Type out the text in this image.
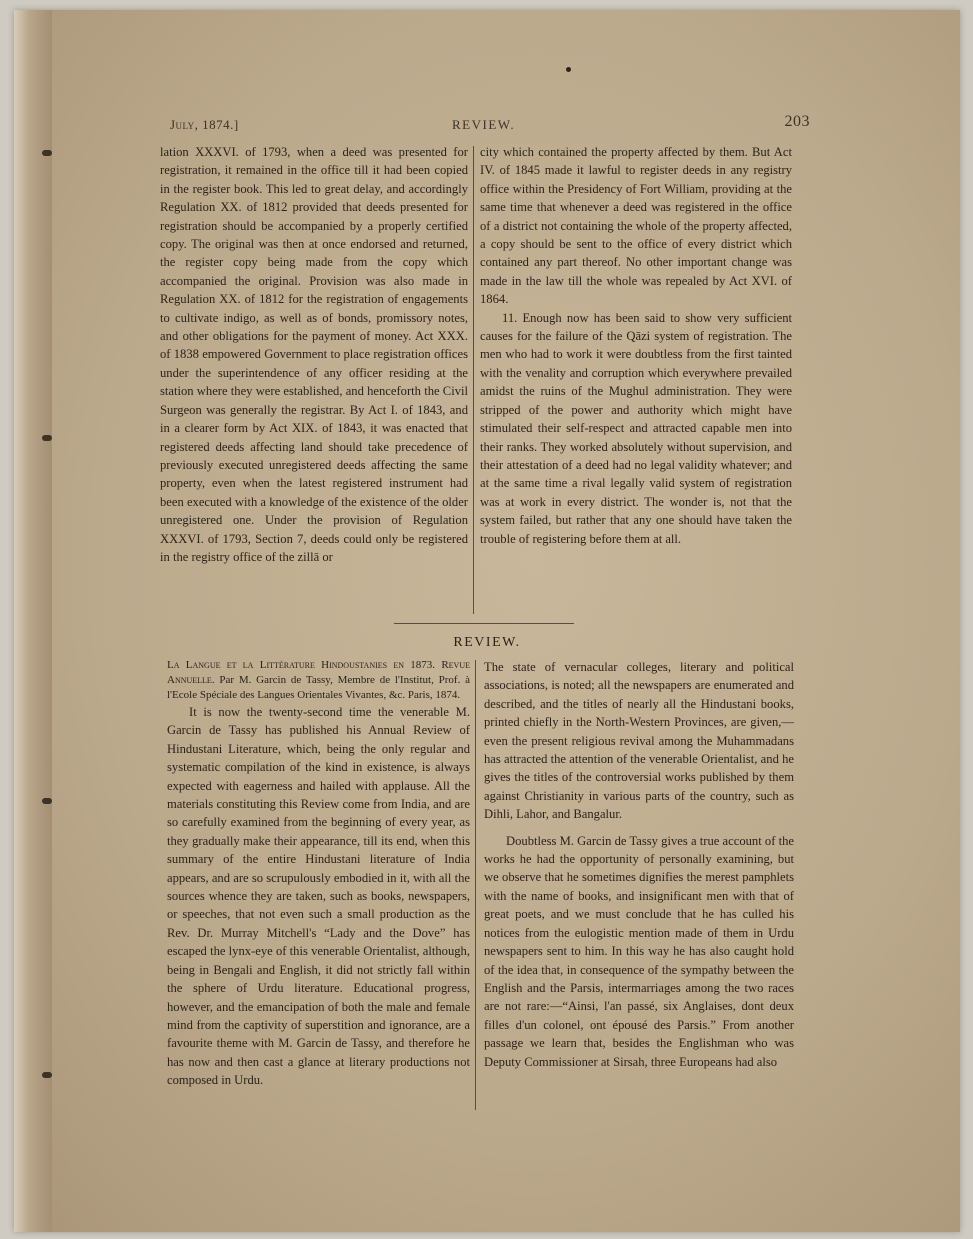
July, 1874.]	REVIEW.	203

lation XXXVI. of 1793, when a deed was presented for registration, it remained in the office till it had been copied in the register book. This led to great delay, and accordingly Regulation XX. of 1812 provided that deeds presented for registration should be accompanied by a properly certified copy. The original was then at once endorsed and returned, the register copy being made from the copy which accompanied the original. Provision was also made in Regulation XX. of 1812 for the registration of engagements to cultivate indigo, as well as of bonds, promissory notes, and other obligations for the payment of money. Act XXX. of 1838 empowered Government to place registration offices under the superintendence of any officer residing at the station where they were established, and henceforth the Civil Surgeon was generally the registrar. By Act I. of 1843, and in a clearer form by Act XIX. of 1843, it was enacted that registered deeds affecting land should take precedence of previously executed unregistered deeds affecting the same property, even when the latest registered instrument had been executed with a knowledge of the existence of the older unregistered one. Under the provision of Regulation XXXVI. of 1793, Section 7, deeds could only be registered in the registry office of the zillā or

city which contained the property affected by them. But Act IV. of 1845 made it lawful to register deeds in any registry office within the Presidency of Fort William, providing at the same time that whenever a deed was registered in the office of a district not containing the whole of the property affected, a copy should be sent to the office of every district which contained any part thereof. No other important change was made in the law till the whole was repealed by Act XVI. of 1864.

11. Enough now has been said to show very sufficient causes for the failure of the Qāzi system of registration. The men who had to work it were doubtless from the first tainted with the venality and corruption which everywhere prevailed amidst the ruins of the Mughul administration. They were stripped of the power and authority which might have stimulated their self-respect and attracted capable men into their ranks. They worked absolutely without supervision, and their attestation of a deed had no legal validity whatever; and at the same time a rival legally valid system of registration was at work in every district. The wonder is, not that the system failed, but rather that any one should have taken the trouble of registering before them at all.

REVIEW.

La Langue et la Littérature Hindoustanies en 1873. Revue Annuelle. Par M. Garcin de Tassy, Membre de l'Institut, Prof. à l'Ecole Spéciale des Langues Orientales Vivantes, &c. Paris, 1874.

It is now the twenty-second time the venerable M. Garcin de Tassy has published his Annual Review of Hindustani Literature, which, being the only regular and systematic compilation of the kind in existence, is always expected with eagerness and hailed with applause. All the materials constituting this Review come from India, and are so carefully examined from the beginning of every year, as they gradually make their appearance, till its end, when this summary of the entire Hindustani literature of India appears, and are so scrupulously embodied in it, with all the sources whence they are taken, such as books, newspapers, or speeches, that not even such a small production as the Rev. Dr. Murray Mitchell's “Lady and the Dove” has escaped the lynx-eye of this venerable Orientalist, although, being in Bengali and English, it did not strictly fall within the sphere of Urdu literature. Educational progress, however, and the emancipation of both the male and female mind from the captivity of superstition and ignorance, are a favourite theme with M. Garcin de Tassy, and therefore he has now and then cast a glance at literary productions not composed in Urdu.

The state of vernacular colleges, literary and political associations, is noted; all the newspapers are enumerated and described, and the titles of nearly all the Hindustani books, printed chiefly in the North-Western Provinces, are given,—even the present religious revival among the Muhammadans has attracted the attention of the venerable Orientalist, and he gives the titles of the controversial works published by them against Christianity in various parts of the country, such as Dihli, Lahor, and Bangalur.

Doubtless M. Garcin de Tassy gives a true account of the works he had the opportunity of personally examining, but we observe that he sometimes dignifies the merest pamphlets with the name of books, and insignificant men with that of great poets, and we must conclude that he has culled his notices from the eulogistic mention made of them in Urdu newspapers sent to him. In this way he has also caught hold of the idea that, in consequence of the sympathy between the English and the Parsis, intermarriages among the two races are not rare:—“Ainsi, l'an passé, six Anglaises, dont deux filles d'un colonel, ont épousé des Parsis.” From another passage we learn that, besides the Englishman who was Deputy Commissioner at Sirsah, three Europeans had also
